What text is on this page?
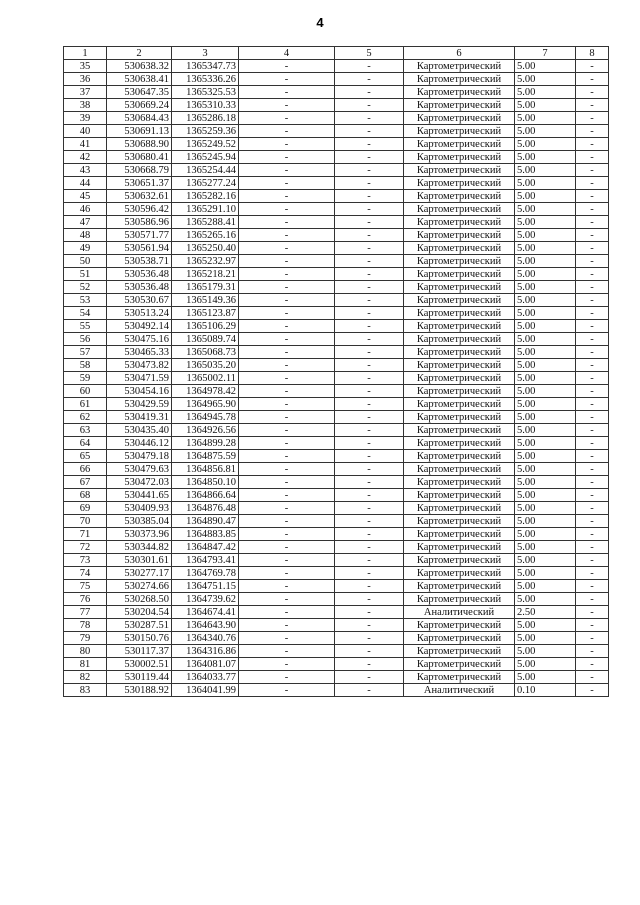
4
1	2	3	4	5	6	7	8
35	530638.32	1365347.73	-	-	Картометрический	5.00	-
36	530638.41	1365336.26	-	-	Картометрический	5.00	-
37	530647.35	1365325.53	-	-	Картометрический	5.00	-
38	530669.24	1365310.33	-	-	Картометрический	5.00	-
39	530684.43	1365286.18	-	-	Картометрический	5.00	-
40	530691.13	1365259.36	-	-	Картометрический	5.00	-
41	530688.90	1365249.52	-	-	Картометрический	5.00	-
42	530680.41	1365245.94	-	-	Картометрический	5.00	-
43	530668.79	1365254.44	-	-	Картометрический	5.00	-
44	530651.37	1365277.24	-	-	Картометрический	5.00	-
45	530632.61	1365282.16	-	-	Картометрический	5.00	-
46	530596.42	1365291.10	-	-	Картометрический	5.00	-
47	530586.96	1365288.41	-	-	Картометрический	5.00	-
48	530571.77	1365265.16	-	-	Картометрический	5.00	-
49	530561.94	1365250.40	-	-	Картометрический	5.00	-
50	530538.71	1365232.97	-	-	Картометрический	5.00	-
51	530536.48	1365218.21	-	-	Картометрический	5.00	-
52	530536.48	1365179.31	-	-	Картометрический	5.00	-
53	530530.67	1365149.36	-	-	Картометрический	5.00	-
54	530513.24	1365123.87	-	-	Картометрический	5.00	-
55	530492.14	1365106.29	-	-	Картометрический	5.00	-
56	530475.16	1365089.74	-	-	Картометрический	5.00	-
57	530465.33	1365068.73	-	-	Картометрический	5.00	-
58	530473.82	1365035.20	-	-	Картометрический	5.00	-
59	530471.59	1365002.11	-	-	Картометрический	5.00	-
60	530454.16	1364978.42	-	-	Картометрический	5.00	-
61	530429.59	1364965.90	-	-	Картометрический	5.00	-
62	530419.31	1364945.78	-	-	Картометрический	5.00	-
63	530435.40	1364926.56	-	-	Картометрический	5.00	-
64	530446.12	1364899.28	-	-	Картометрический	5.00	-
65	530479.18	1364875.59	-	-	Картометрический	5.00	-
66	530479.63	1364856.81	-	-	Картометрический	5.00	-
67	530472.03	1364850.10	-	-	Картометрический	5.00	-
68	530441.65	1364866.64	-	-	Картометрический	5.00	-
69	530409.93	1364876.48	-	-	Картометрический	5.00	-
70	530385.04	1364890.47	-	-	Картометрический	5.00	-
71	530373.96	1364883.85	-	-	Картометрический	5.00	-
72	530344.82	1364847.42	-	-	Картометрический	5.00	-
73	530301.61	1364793.41	-	-	Картометрический	5.00	-
74	530277.17	1364769.78	-	-	Картометрический	5.00	-
75	530274.66	1364751.15	-	-	Картометрический	5.00	-
76	530268.50	1364739.62	-	-	Картометрический	5.00	-
77	530204.54	1364674.41	-	-	Аналитический	2.50	-
78	530287.51	1364643.90	-	-	Картометрический	5.00	-
79	530150.76	1364340.76	-	-	Картометрический	5.00	-
80	530117.37	1364316.86	-	-	Картометрический	5.00	-
81	530002.51	1364081.07	-	-	Картометрический	5.00	-
82	530119.44	1364033.77	-	-	Картометрический	5.00	-
83	530188.92	1364041.99	-	-	Аналитический	0.10	-
